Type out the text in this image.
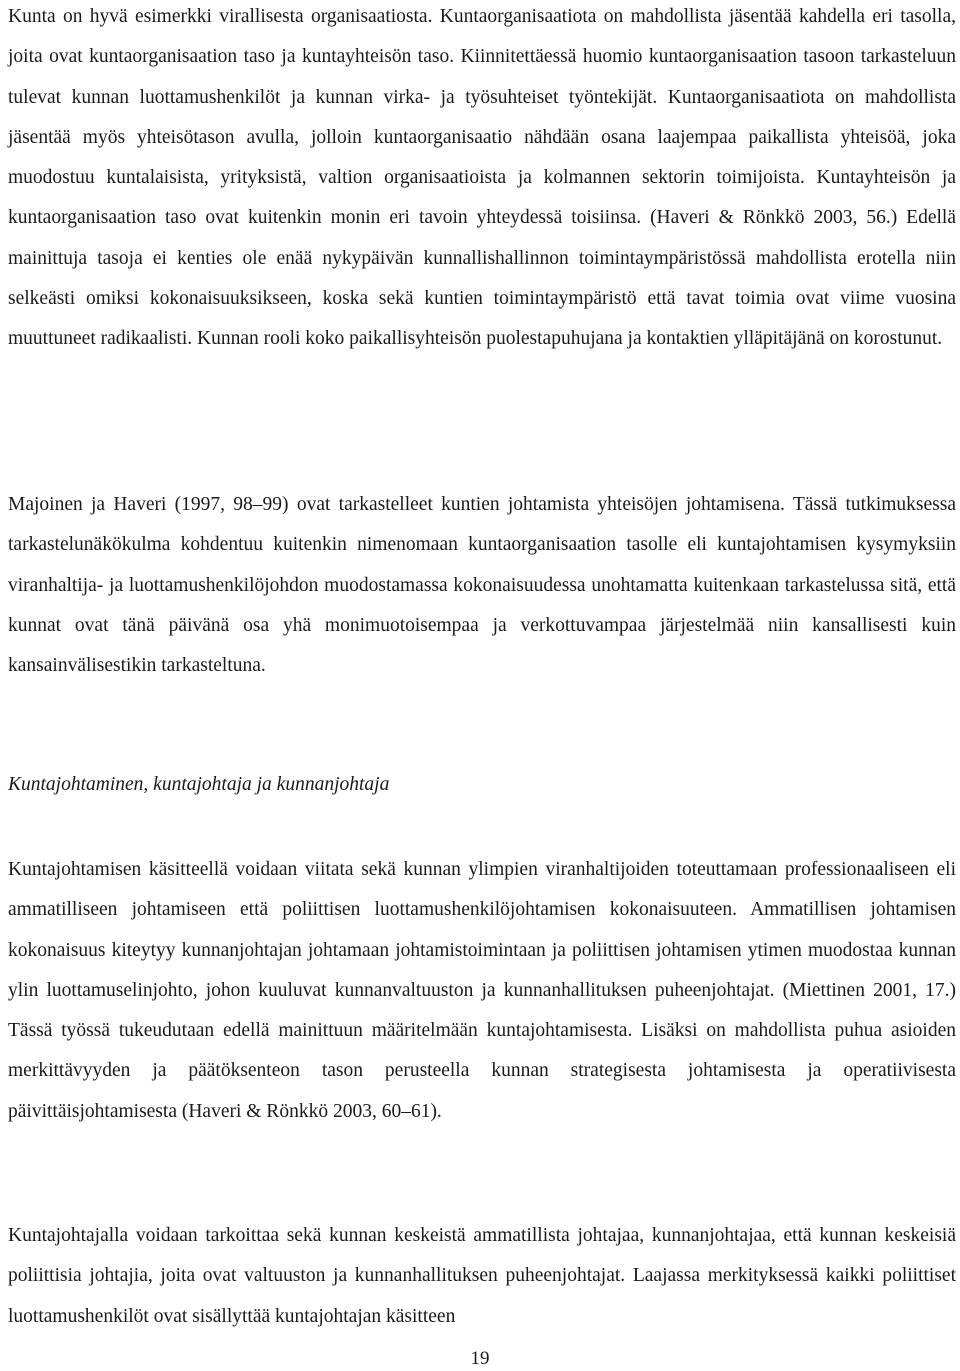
Kunta on hyvä esimerkki virallisesta organisaatiosta. Kuntaorganisaatiota on mahdollista jäsentää kahdella eri tasolla, joita ovat kuntaorganisaation taso ja kuntayhteisön taso. Kiinnitettäessä huomio kuntaorganisaation tasoon tarkasteluun tulevat kunnan luottamushenkilöt ja kunnan virka- ja työsuhteiset työntekijät. Kuntaorganisaatiota on mahdollista jäsentää myös yhteisötason avulla, jolloin kuntaorganisaatio nähdään osana laajempaa paikallista yhteisöä, joka muodostuu kuntalaisista, yrityksistä, valtion organisaatioista ja kolmannen sektorin toimijoista. Kuntayhteisön ja kuntaorganisaation taso ovat kuitenkin monin eri tavoin yhteydessä toisiinsa. (Haveri & Rönkkö 2003, 56.) Edellä mainittuja tasoja ei kenties ole enää nykypäivän kunnallishallinnon toimintaympäristössä mahdollista erotella niin selkeästi omiksi kokonaisuuksikseen, koska sekä kuntien toimintaympäristö että tavat toimia ovat viime vuosina muuttuneet radikaalisti. Kunnan rooli koko paikallisyhteisön puolestapuhujana ja kontaktien ylläpitäjänä on korostunut.

Majoinen ja Haveri (1997, 98–99) ovat tarkastelleet kuntien johtamista yhteisöjen johtamisena. Tässä tutkimuksessa tarkastelunäkökulma kohdentuu kuitenkin nimenomaan kuntaorganisaation tasolle eli kuntajohtamisen kysymyksiin viranhaltija- ja luottamushenkilöjohdon muodostamassa kokonaisuudessa unohtamatta kuitenkaan tarkastelussa sitä, että kunnat ovat tänä päivänä osa yhä monimuotoisempaa ja verkottuvampaa järjestelmää niin kansallisesti kuin kansainvälisestikin tarkasteltuna.

Kuntajohtaminen, kuntajohtaja ja kunnanjohtaja

Kuntajohtamisen käsitteellä voidaan viitata sekä kunnan ylimpien viranhaltijoiden toteuttamaan professionaaliseen eli ammatilliseen johtamiseen että poliittisen luottamushenkilöjohtamisen kokonaisuuteen. Ammatillisen johtamisen kokonaisuus kiteytyy kunnanjohtajan johtamaan johtamistoimintaan ja poliittisen johtamisen ytimen muodostaa kunnan ylin luottamuselinjohto, johon kuuluvat kunnanvaltuuston ja kunnanhallituksen puheenjohtajat. (Miettinen 2001, 17.) Tässä työssä tukeudutaan edellä mainittuun määritelmään kuntajohtamisesta. Lisäksi on mahdollista puhua asioiden merkittävyyden ja päätöksenteon tason perusteella kunnan strategisesta johtamisesta ja operatiivisesta päivittäisjohtamisesta (Haveri & Rönkkö 2003, 60–61).

Kuntajohtajalla voidaan tarkoittaa sekä kunnan keskeistä ammatillista johtajaa, kunnanjohtajaa, että kunnan keskeisiä poliittisia johtajia, joita ovat valtuuston ja kunnanhallituksen puheenjohtajat. Laajassa merkityksessä kaikki poliittiset luottamushenkilöt ovat sisällyttää kuntajohtajan käsitteen

19
